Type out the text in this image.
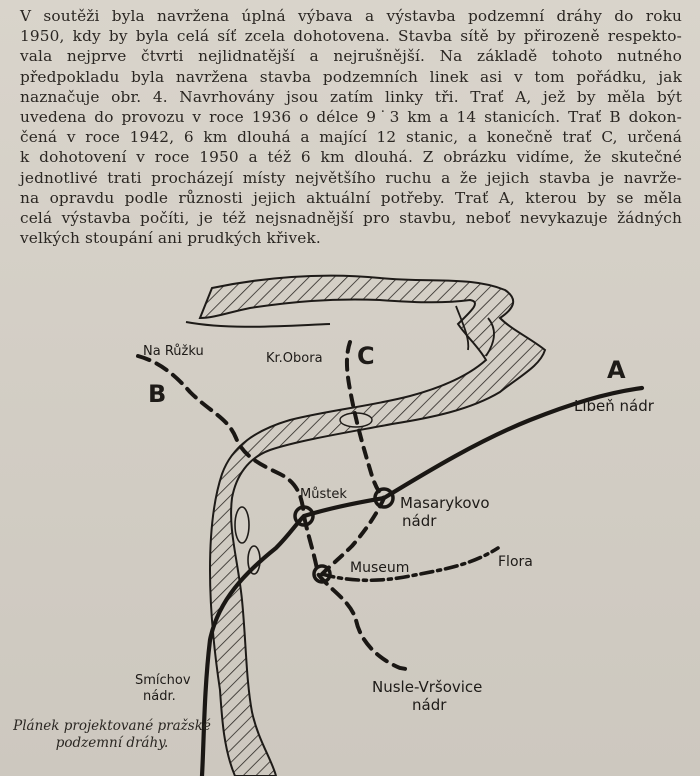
V soutěži byla navržena úplná výbava a výstavba podzemní dráhy do roku
1950, kdy by byla celá síť zcela dohotovena. Stavba sítě by přirozeně respekto-
vala nejprve čtvrti nejlidnatější a nejrušnější. Na základě tohoto nutného
předpokladu byla navržena stavba podzemních linek asi v tom pořádku, jak
naznačuje obr. 4. Navrhovány jsou zatím linky tři. Trať A, jež by měla být
uvedena do provozu v roce 1936 o délce 9˙3 km a 14 stanicích. Trať B dokon-
čená v roce 1942, 6 km dlouhá a mající 12 stanic, a konečně trať C, určená
k dohotovení v roce 1950 a též 6 km dlouhá. Z obrázku vidíme, že skutečné
jednotlivé trati procházejí místy největšího ruchu a že jejich stavba je navrže-
na opravdu podle různosti jejich aktuální potřeby. Trať A, kterou by se měla
celá výstavba počíti, je též nejsnadnější pro stavbu, neboť nevykazuje žádných
velkých stoupání ani prudkých křivek.
A
B
C
Na Růžku	Kr.Obora
Libeň nádr
Můstek	Masarykovo
nádr
Museum	Flora
Smíchov
nádr.
Nusle-Vršovice
nádr
Plánek projektované pražské
podzemní dráhy.
